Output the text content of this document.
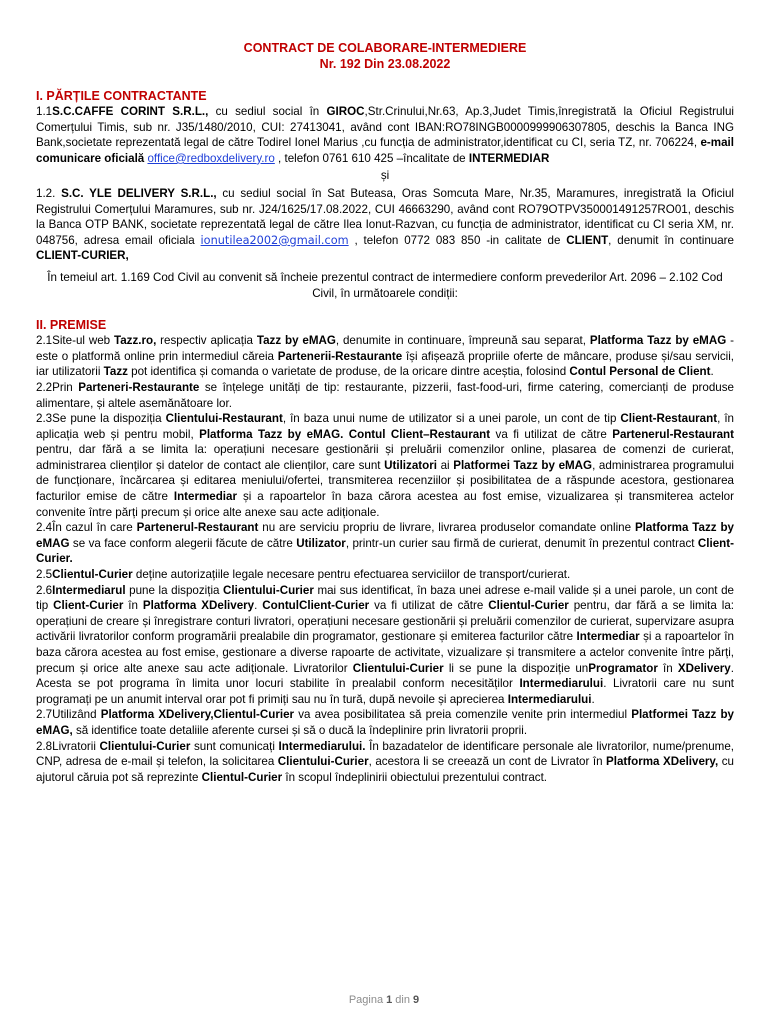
CONTRACT DE COLABORARE-INTERMEDIERE
Nr. 192 Din 23.08.2022
I. PĂRȚILE CONTRACTANTE

1.1S.C.CAFFE CORINT S.R.L., cu sediul social în GIROC,Str.Crinului,Nr.63, Ap.3,Judet Timis,înregistrată la Oficiul Registrului Comerțului Timis, sub nr. J35/1480/2010, CUI: 27413041, având cont IBAN:RO78INGB0000999906307805, deschis la Banca ING Bank,societate reprezentată legal de către Todirel Ionel Marius ,cu funcția de administrator,identificat cu CI, seria TZ, nr. 706224, e-mail comunicare oficială office@redboxdelivery.ro , telefon 0761 610 425 –încalitate de INTERMEDIAR

și

1.2. S.C. YLE DELIVERY S.R.L., cu sediul social în Sat Buteasa, Oras Somcuta Mare, Nr.35, Maramures, inregistrată la Oficiul Registrului Comerțului Maramures, sub nr. J24/1625/17.08.2022, CUI 46663290, având cont RO79OTPV350001491257RO01, deschis la Banca OTP BANK, societate reprezentată legal de către Ilea Ionut-Razvan, cu funcția de administrator, identificat cu CI seria XM, nr. 048756, adresa email oficiala ionutilea2002@gmail.com , telefon 0772 083 850 -in calitate de CLIENT, denumit în continuare CLIENT-CURIER,

În temeiul art. 1.169 Cod Civil au convenit să încheie prezentul contract de intermediere conform prevederilor Art. 2096 – 2.102 Cod Civil, în următoarele condiții:

II. PREMISE

2.1Site-ul web Tazz.ro, respectiv aplicația Tazz by eMAG, denumite in continuare, împreună sau separat, Platforma Tazz by eMAG - este o platformă online prin intermediul căreia Partenerii-Restaurante își afișează propriile oferte de mâncare, produse și/sau servicii, iar utilizatorii Tazz pot identifica și comanda o varietate de produse, de la oricare dintre aceștia, folosind Contul Personal de Client.

2.2Prin Parteneri-Restaurante se înțelege unități de tip: restaurante, pizzerii, fast-food-uri, firme catering, comercianți de produse alimentare, și altele asemănătoare lor.

2.3Se pune la dispoziția Clientului-Restaurant, în baza unui nume de utilizator si a unei parole, un cont de tip Client-Restaurant, în aplicația web și pentru mobil, Platforma Tazz by eMAG. Contul Client–Restaurant va fi utilizat de către Partenerul-Restaurant pentru, dar fără a se limita la: operațiuni necesare gestionării și preluării comenzilor online, plasarea de comenzi de curierat, administrarea clienților și datelor de contact ale clienților, care sunt Utilizatori ai Platformei Tazz by eMAG, administrarea programului de funcționare, încărcarea și editarea meniului/ofertei, transmiterea recenziilor și posibilitatea de a răspunde acestora, gestionarea facturilor emise de către Intermediar și a rapoartelor în baza cărora acestea au fost emise, vizualizarea și transmiterea actelor convenite între părți precum și orice alte anexe sau acte adiționale.

2.4În cazul în care Partenerul-Restaurant nu are serviciu propriu de livrare, livrarea produselor comandate online Platforma Tazz by eMAG se va face conform alegerii făcute de către Utilizator, printr-un curier sau firmă de curierat, denumit în prezentul contract Client-Curier.

2.5Clientul-Curier deține autorizațiile legale necesare pentru efectuarea serviciilor de transport/curierat.

2.6Intermediarul pune la dispoziția Clientului-Curier mai sus identificat, în baza unei adrese e-mail valide și a unei parole, un cont de tip Client-Curier în Platforma XDelivery. ContulClient-Curier va fi utilizat de către Clientul-Curier pentru, dar fără a se limita la: operațiuni de creare și înregistrare conturi livratori, operațiuni necesare gestionării și preluării comenzilor de curierat, supervizare asupra activării livratorilor conform programării prealabile din programator, gestionare și emiterea facturilor către Intermediar și a rapoartelor în baza cărora acestea au fost emise, gestionare a diverse rapoarte de activitate, vizualizare și transmitere a actelor convenite între părți, precum și orice alte anexe sau acte adiționale. Livratorilor Clientului-Curier li se pune la dispoziție unProgramator în XDelivery. Acesta se pot programa în limita unor locuri stabilite în prealabil conform necesităților Intermediarului. Livratorii care nu sunt programați pe un anumit interval orar pot fi primiți sau nu în tură, după nevoile și aprecierea Intermediarului.

2.7Utilizând Platforma XDelivery,Clientul-Curier va avea posibilitatea să preia comenzile venite prin intermediul Platformei Tazz by eMAG, să identifice toate detaliile aferente cursei și să o ducă la îndeplinire prin livratorii proprii.

2.8Livratorii Clientului-Curier sunt comunicați Intermediarului. În bazadatelor de identificare personale ale livratorilor, nume/prenume, CNP, adresa de e-mail și telefon, la solicitarea Clientului-Curier, acestora li se creează un cont de Livrator în Platforma XDelivery, cu ajutorul căruia pot să reprezinte Clientul-Curier în scopul îndeplinirii obiectului prezentului contract.

Pagina 1 din 9
